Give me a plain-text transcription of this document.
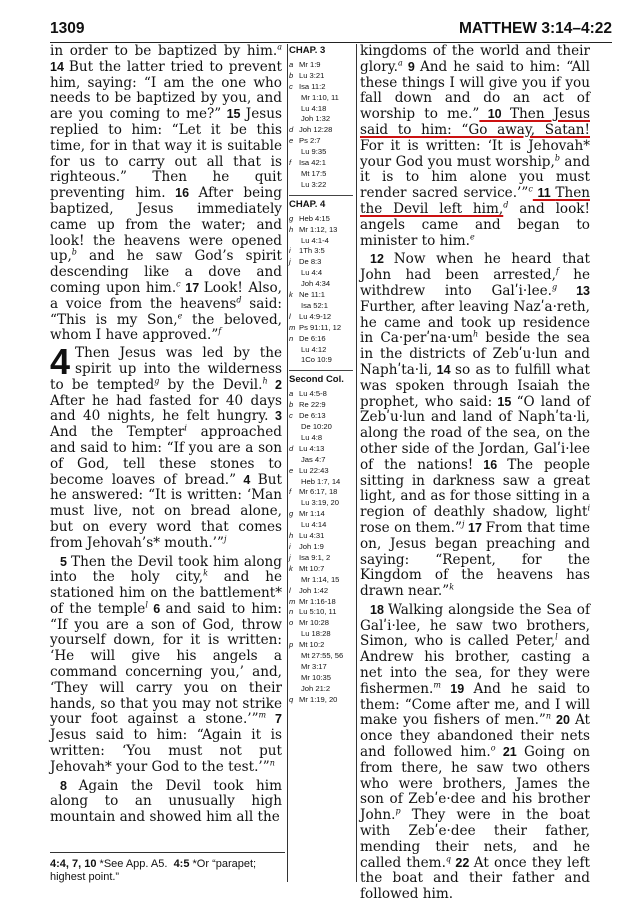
1309	MATTHEW 3:14–4:22

in order to be baptized by him.$^a$ 14 But the latter tried to prevent him, saying: “I am the one who needs to be baptized by you, and are you coming to me?” 15 Jesus replied to him: “Let it be this time, for in that way it is suitable for us to carry out all that is righteous.” Then he quit preventing him. 16 After being baptized, Jesus immediately came up from the water; and look! the heavens were opened up,$^b$ and he saw God’s spirit descending like a dove and coming upon him.$^c$ 17 Look! Also, a voice from the heavens$^d$ said: “This is my Son,$^e$ the beloved, whom I have approved.”$^f$

4 Then Jesus was led by the spirit up into the wilderness to be tempted$^g$ by the Devil.$^h$ 2 After he had fasted for 40 days and 40 nights, he felt hungry. 3 And the Tempter$^i$ approached and said to him: “If you are a son of God, tell these stones to become loaves of bread.” 4 But he answered: “It is written: ‘Man must live, not on bread alone, but on every word that comes from Jehovah’s* mouth.’”$^j$

5 Then the Devil took him along into the holy city,$^k$ and he stationed him on the battlement* of the temple$^l$ 6 and said to him: “If you are a son of God, throw yourself down, for it is written: ‘He will give his angels a command concerning you,’ and, ‘They will carry you on their hands, so that you may not strike your foot against a stone.’”$^m$ 7 Jesus said to him: “Again it is written: ‘You must not put Jehovah* your God to the test.’”$^n$

8 Again the Devil took him along to an unusually high mountain and showed him all the

CHAP. 3
a Mr 1:9
b Lu 3:21
c Isa 11:2
Mr 1:10, 11
Lu 4:18
Joh 1:32
d Joh 12:28
e Ps 2:7
Lu 9:35
f Isa 42:1
Mt 17:5
Lu 3:22
CHAP. 4
g Heb 4:15
h Mr 1:12, 13
Lu 4:1-4
i 1Th 3:5
j De 8:3
Lu 4:4
Joh 4:34
k Ne 11:1
Isa 52:1
l Lu 4:9-12
m Ps 91:11, 12
n De 6:16
Lu 4:12
1Co 10:9
Second Col.
a Lu 4:5-8
b Re 22:9
c De 6:13
De 10:20
Lu 4:8
d Lu 4:13
Jas 4:7
e Lu 22:43
Heb 1:7, 14
f Mr 6:17, 18
Lu 3:19, 20
g Mr 1:14
Lu 4:14
h Lu 4:31
i Joh 1:9
j Isa 9:1, 2
k Mt 10:7
Mr 1:14, 15
l Joh 1:42
m Mr 1:16-18
n Lu 5:10, 11
o Mr 10:28
Lu 18:28
p Mt 10:2
Mt 27:55, 56
Mr 3:17
Mr 10:35
Joh 21:2
q Mr 1:19, 20

kingdoms of the world and their glory.$^a$ 9 And he said to him: “All these things I will give you if you fall down and do an act of worship to me.” 10 Then Jesus said to him: “Go away, Satan! For it is written: ‘It is Jehovah* your God you must worship,$^b$ and it is to him alone you must render sacred service.’”$^c$ 11 Then the Devil left him,$^d$ and look! angels came and began to minister to him.$^e$

12 Now when he heard that John had been arrested,$^f$ he withdrew into Galʹi·lee.$^g$ 13 Further, after leaving Nazʹa·reth, he came and took up residence in Ca·perʹna·um$^h$ beside the sea in the districts of Zebʹu·lun and Naphʹta·li, 14 so as to fulfill what was spoken through Isaiah the prophet, who said: 15 “O land of Zebʹu·lun and land of Naphʹta·li, along the road of the sea, on the other side of the Jordan, Galʹi·lee of the nations! 16 The people sitting in darkness saw a great light, and as for those sitting in a region of deathly shadow, light$^i$ rose on them.”$^j$ 17 From that time on, Jesus began preaching and saying: “Repent, for the Kingdom of the heavens has drawn near.”$^k$

18 Walking alongside the Sea of Galʹi·lee, he saw two brothers, Simon, who is called Peter,$^l$ and Andrew his brother, casting a net into the sea, for they were fishermen.$^m$ 19 And he said to them: “Come after me, and I will make you fishers of men.”$^n$ 20 At once they abandoned their nets and followed him.$^o$ 21 Going on from there, he saw two others who were brothers, James the son of Zebʹe·dee and his brother John.$^p$ They were in the boat with Zebʹe·dee their father, mending their nets, and he called them.$^q$ 22 At once they left the boat and their father and followed him.

4:4, 7, 10 *See App. A5. 4:5 *Or “parapet; highest point.”
